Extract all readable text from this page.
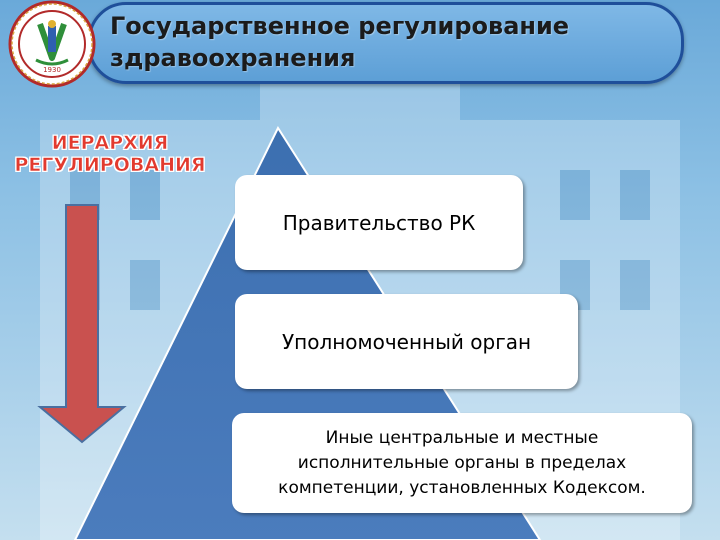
Государственное регулирование
здравоохранения
1930
ИЕРАРХИЯ
РЕГУЛИРОВАНИЯ
Правительство РК
Уполномоченный орган
Иные центральные и местные
исполнительные органы в пределах
компетенции, установленных Кодексом.
